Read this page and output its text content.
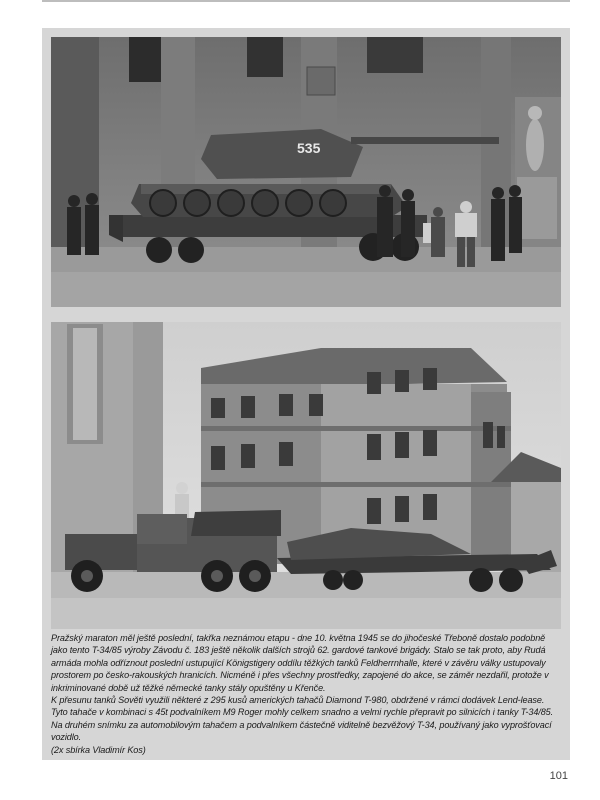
535

Pražský maraton měl ještě poslední, takřka neznámou etapu - dne 10. května 1945 se do jihočeské Třeboně dostalo podobně jako tento T-34/85 výroby Závodu č. 183 ještě několik dalších strojů 62. gardové tankové brigády. Stalo se tak proto, aby Rudá armáda mohla odříznout poslední ustupující Königstigery oddílu těžkých tanků Feldherrnhalle, které v závěru války ustupovaly prostorem po česko-rakouských hranicích. Nicméně i přes všechny prostředky, zapojené do akce, se záměr nezdařil, protože v inkriminované době už těžké německé tanky stály opuštěny u Křenče.

K přesunu tanků Sověti využili některé z 295 kusů amerických tahačů Diamond T-980, obdržené v rámci dodávek Lend-lease. Tyto tahače v kombinaci s 45t podvalníkem M9 Roger mohly celkem snadno a velmi rychle přepravit po silnicích i tanky T-34/85. Na druhém snímku za automobilovým tahačem a podvalníkem částečně viditelně bezvěžový T-34, používaný jako vyprošťovací vozidlo.

(2x sbírka Vladimír Kos)

101
